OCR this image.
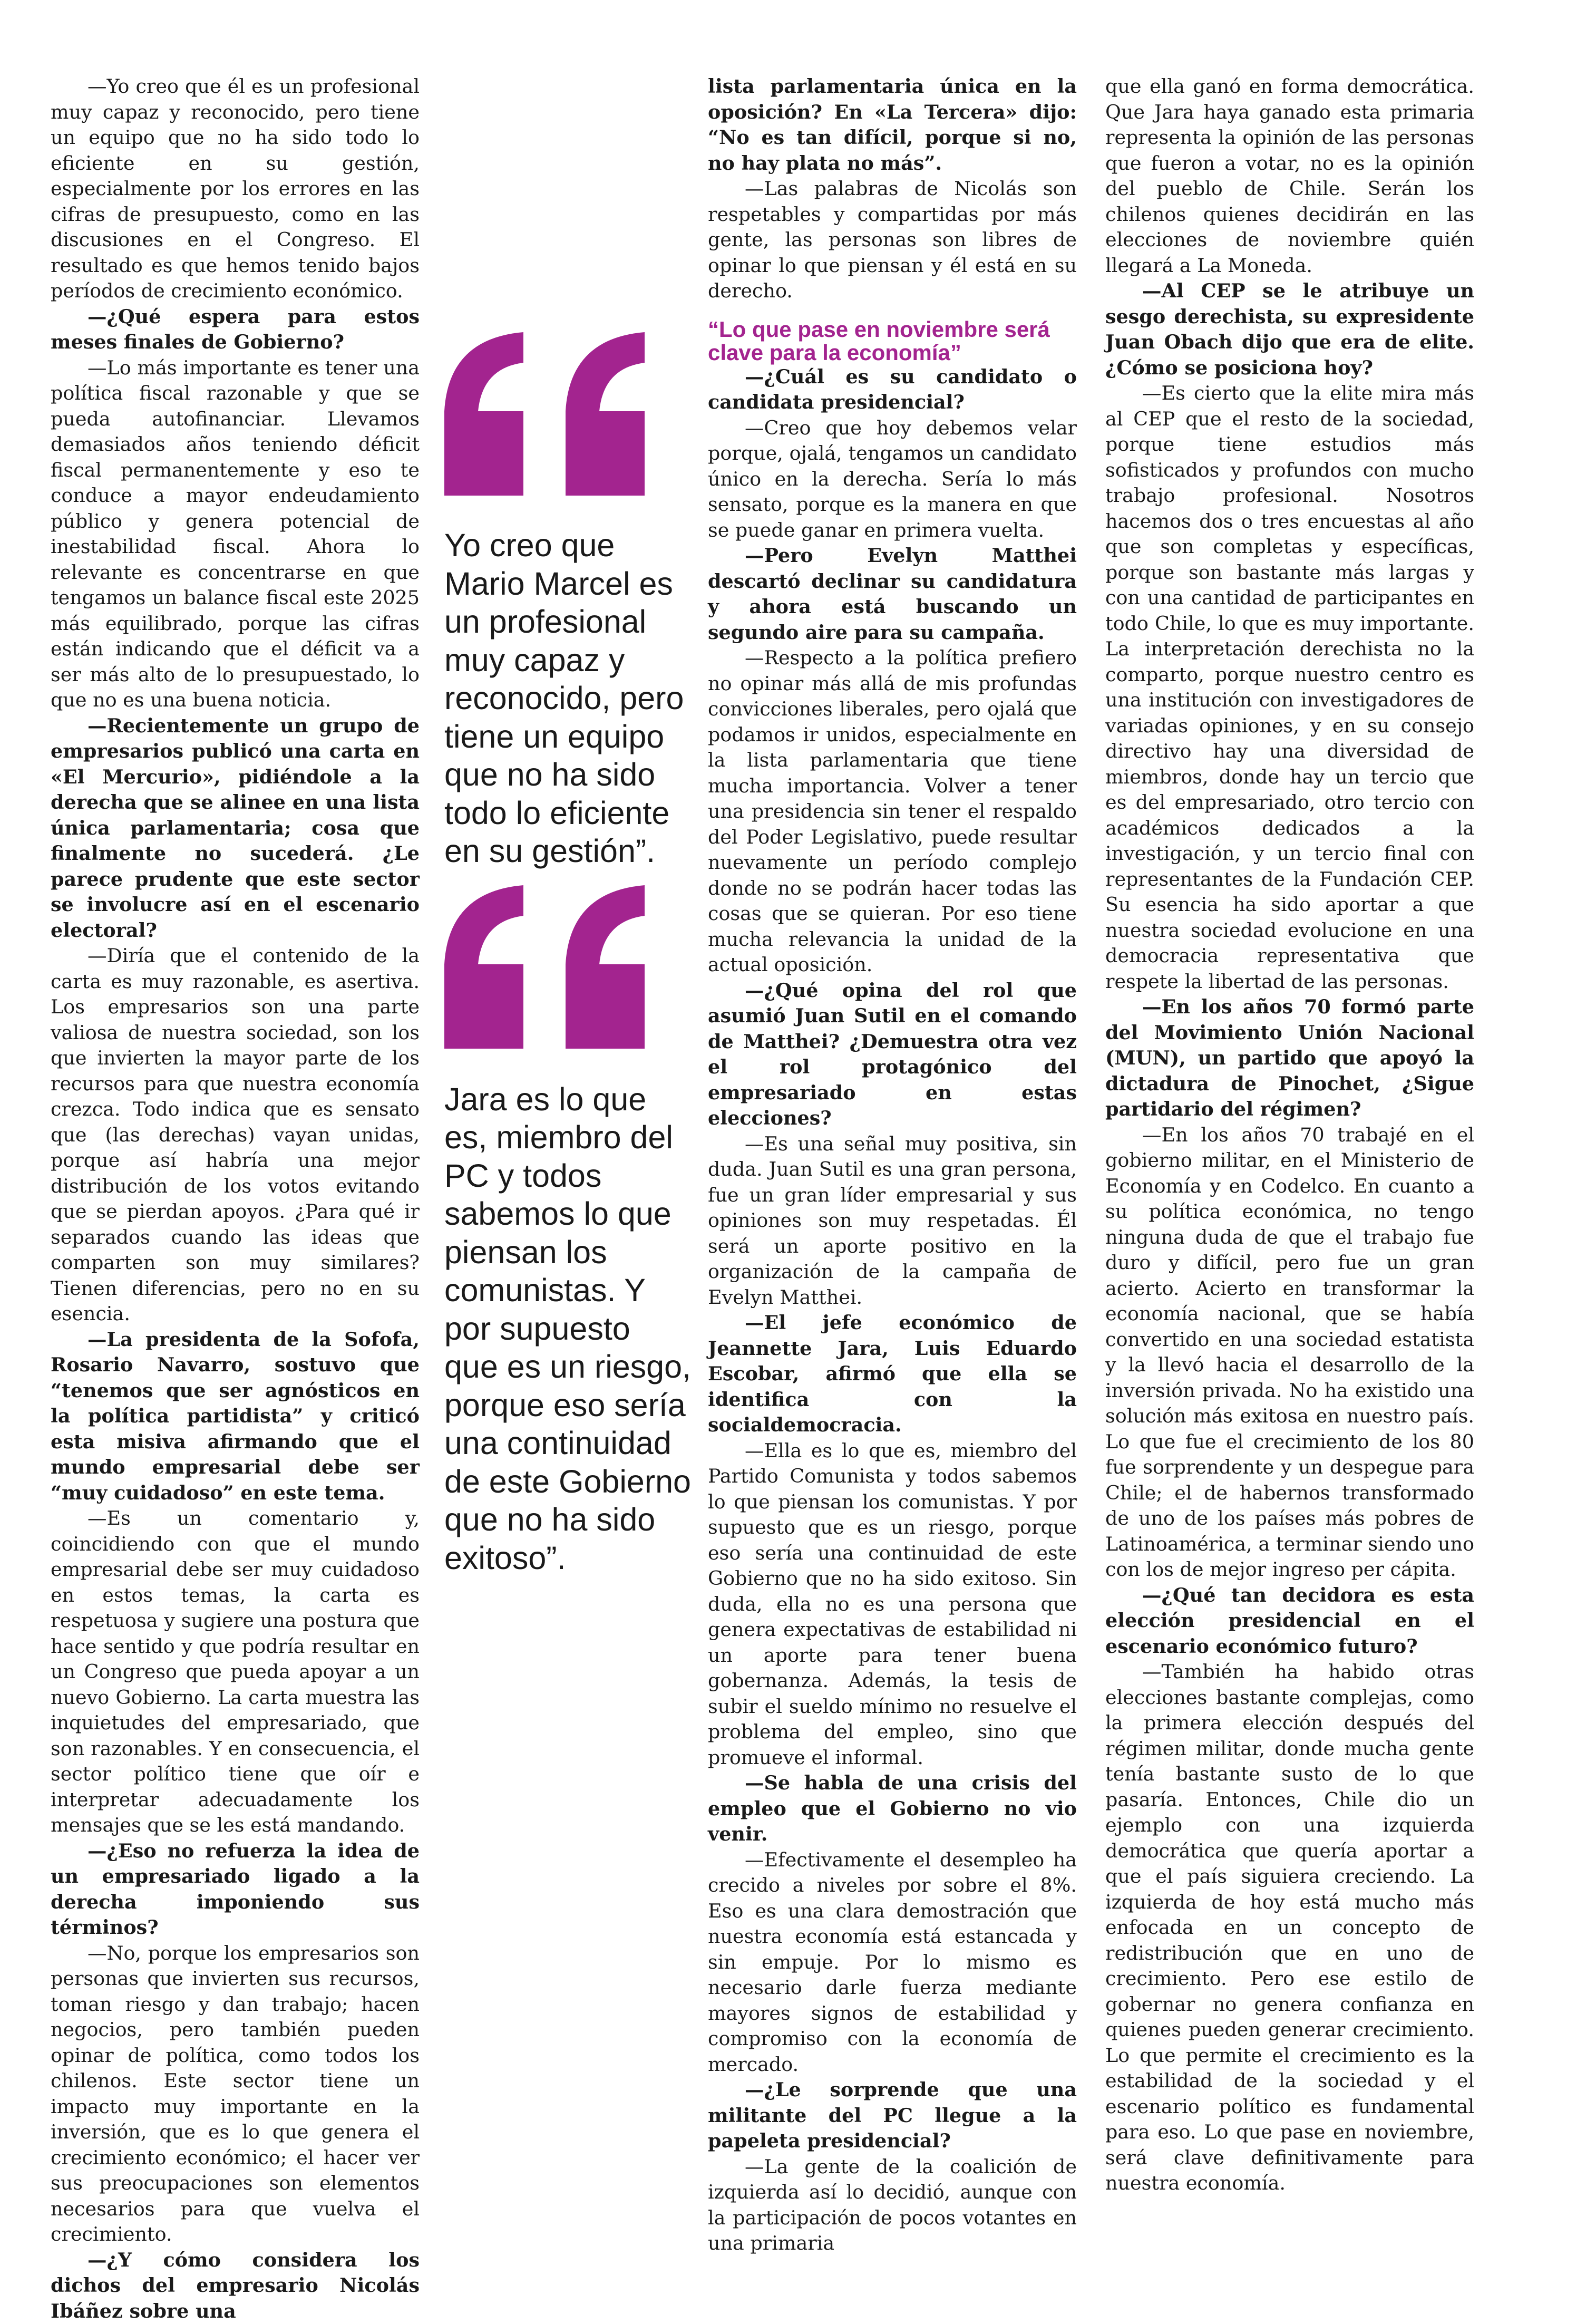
—Yo creo que él es un profesional muy capaz y reconocido, pero tiene un equipo que no ha sido todo lo eficiente en su gestión, especialmente por los errores en las cifras de presupuesto, como en las discusiones en el Congreso. El resultado es que hemos tenido bajos períodos de crecimiento económico.

—¿Qué espera para estos meses finales de Gobierno?

—Lo más importante es tener una política fiscal razonable y que se pueda autofinanciar. Llevamos demasiados años teniendo déficit fiscal permanentemente y eso te conduce a mayor endeudamiento público y genera potencial de inestabilidad fiscal. Ahora lo relevante es concentrarse en que tengamos un balance fiscal este 2025 más equilibrado, porque las cifras están indicando que el déficit va a ser más alto de lo presupuestado, lo que no es una buena noticia.

—Recientemente un grupo de empresarios publicó una carta en «El Mercurio», pidiéndole a la derecha que se alinee en una lista única parlamentaria; cosa que finalmente no sucederá. ¿Le parece prudente que este sector se involucre así en el escenario electoral?

—Diría que el contenido de la carta es muy razonable, es asertiva. Los empresarios son una parte valiosa de nuestra sociedad, son los que invierten la mayor parte de los recursos para que nuestra economía crezca. Todo indica que es sensato que (las derechas) vayan unidas, porque así habría una mejor distribución de los votos evitando que se pierdan apoyos. ¿Para qué ir separados cuando las ideas que comparten son muy similares? Tienen diferencias, pero no en su esencia.

—La presidenta de la Sofofa, Rosario Navarro, sostuvo que “tenemos que ser agnósticos en la política partidista” y criticó esta misiva afirmando que el mundo empresarial debe ser “muy cuidadoso” en este tema.

—Es un comentario y, coincidiendo con que el mundo empresarial debe ser muy cuidadoso en estos temas, la carta es respetuosa y sugiere una postura que hace sentido y que podría resultar en un Congreso que pueda apoyar a un nuevo Gobierno. La carta muestra las inquietudes del empresariado, que son razonables. Y en consecuencia, el sector político tiene que oír e interpretar adecuadamente los mensajes que se les está mandando.

—¿Eso no refuerza la idea de un empresariado ligado a la derecha imponiendo sus términos?

—No, porque los empresarios son personas que invierten sus recursos, toman riesgo y dan trabajo; hacen negocios, pero también pueden opinar de política, como todos los chilenos. Este sector tiene un impacto muy importante en la inversión, que es lo que genera el crecimiento económico; el hacer ver sus preocupaciones son elementos necesarios para que vuelva el crecimiento.

—¿Y cómo considera los dichos del empresario Nicolás Ibáñez sobre una

Yo creo que Mario Marcel es un profesional muy capaz y reconocido, pero tiene un equipo que no ha sido todo lo eficiente en su gestión”.

Jara es lo que es, miembro del PC y todos sabemos lo que piensan los comunistas. Y por supuesto que es un riesgo, porque eso sería una continuidad de este Gobierno que no ha sido exitoso”.

lista parlamentaria única en la oposición? En «La Tercera» dijo: “No es tan difícil, porque si no, no hay plata no más”.

—Las palabras de Nicolás son respetables y compartidas por más gente, las personas son libres de opinar lo que piensan y él está en su derecho.

“Lo que pase en noviembre será clave para la economía”

—¿Cuál es su candidato o candidata presidencial?

—Creo que hoy debemos velar porque, ojalá, tengamos un candidato único en la derecha. Sería lo más sensato, porque es la manera en que se puede ganar en primera vuelta.

—Pero Evelyn Matthei descartó declinar su candidatura y ahora está buscando un segundo aire para su campaña.

—Respecto a la política prefiero no opinar más allá de mis profundas convicciones liberales, pero ojalá que podamos ir unidos, especialmente en la lista parlamentaria que tiene mucha importancia. Volver a tener una presidencia sin tener el respaldo del Poder Legislativo, puede resultar nuevamente un período complejo donde no se podrán hacer todas las cosas que se quieran. Por eso tiene mucha relevancia la unidad de la actual oposición.

—¿Qué opina del rol que asumió Juan Sutil en el comando de Matthei? ¿Demuestra otra vez el rol protagónico del empresariado en estas elecciones?

—Es una señal muy positiva, sin duda. Juan Sutil es una gran persona, fue un gran líder empresarial y sus opiniones son muy respetadas. Él será un aporte positivo en la organización de la campaña de Evelyn Matthei.

—El jefe económico de Jeannette Jara, Luis Eduardo Escobar, afirmó que ella se identifica con la socialdemocracia.

—Ella es lo que es, miembro del Partido Comunista y todos sabemos lo que piensan los comunistas. Y por supuesto que es un riesgo, porque eso sería una continuidad de este Gobierno que no ha sido exitoso. Sin duda, ella no es una persona que genera expectativas de estabilidad ni un aporte para tener buena gobernanza. Además, la tesis de subir el sueldo mínimo no resuelve el problema del empleo, sino que promueve el informal.

—Se habla de una crisis del empleo que el Gobierno no vio venir.

—Efectivamente el desempleo ha crecido a niveles por sobre el 8%. Eso es una clara demostración que nuestra economía está estancada y sin empuje. Por lo mismo es necesario darle fuerza mediante mayores signos de estabilidad y compromiso con la economía de mercado.

—¿Le sorprende que una militante del PC llegue a la papeleta presidencial?

—La gente de la coalición de izquierda así lo decidió, aunque con la participación de pocos votantes en una primaria

que ella ganó en forma democrática. Que Jara haya ganado esta primaria representa la opinión de las personas que fueron a votar, no es la opinión del pueblo de Chile. Serán los chilenos quienes decidirán en las elecciones de noviembre quién llegará a La Moneda.

—Al CEP se le atribuye un sesgo derechista, su expresidente Juan Obach dijo que era de elite. ¿Cómo se posiciona hoy?

—Es cierto que la elite mira más al CEP que el resto de la sociedad, porque tiene estudios más sofisticados y profundos con mucho trabajo profesional. Nosotros hacemos dos o tres encuestas al año que son completas y específicas, porque son bastante más largas y con una cantidad de participantes en todo Chile, lo que es muy importante. La interpretación derechista no la comparto, porque nuestro centro es una institución con investigadores de variadas opiniones, y en su consejo directivo hay una diversidad de miembros, donde hay un tercio que es del empresariado, otro tercio con académicos dedicados a la investigación, y un tercio final con representantes de la Fundación CEP. Su esencia ha sido aportar a que nuestra sociedad evolucione en una democracia representativa que respete la libertad de las personas.

—En los años 70 formó parte del Movimiento Unión Nacional (MUN), un partido que apoyó la dictadura de Pinochet, ¿Sigue partidario del régimen?

—En los años 70 trabajé en el gobierno militar, en el Ministerio de Economía y en Codelco. En cuanto a su política económica, no tengo ninguna duda de que el trabajo fue duro y difícil, pero fue un gran acierto. Acierto en transformar la economía nacional, que se había convertido en una sociedad estatista y la llevó hacia el desarrollo de la inversión privada. No ha existido una solución más exitosa en nuestro país. Lo que fue el crecimiento de los 80 fue sorprendente y un despegue para Chile; el de habernos transformado de uno de los países más pobres de Latinoamérica, a terminar siendo uno con los de mejor ingreso per cápita.

—¿Qué tan decidora es esta elección presidencial en el escenario económico futuro?

—También ha habido otras elecciones bastante complejas, como la primera elección después del régimen militar, donde mucha gente tenía bastante susto de lo que pasaría. Entonces, Chile dio un ejemplo con una izquierda democrática que quería aportar a que el país siguiera creciendo. La izquierda de hoy está mucho más enfocada en un concepto de redistribución que en uno de crecimiento. Pero ese estilo de gobernar no genera confianza en quienes pueden generar crecimiento. Lo que permite el crecimiento es la estabilidad de la sociedad y el escenario político es fundamental para eso. Lo que pase en noviembre, será clave definitivamente para nuestra economía.
